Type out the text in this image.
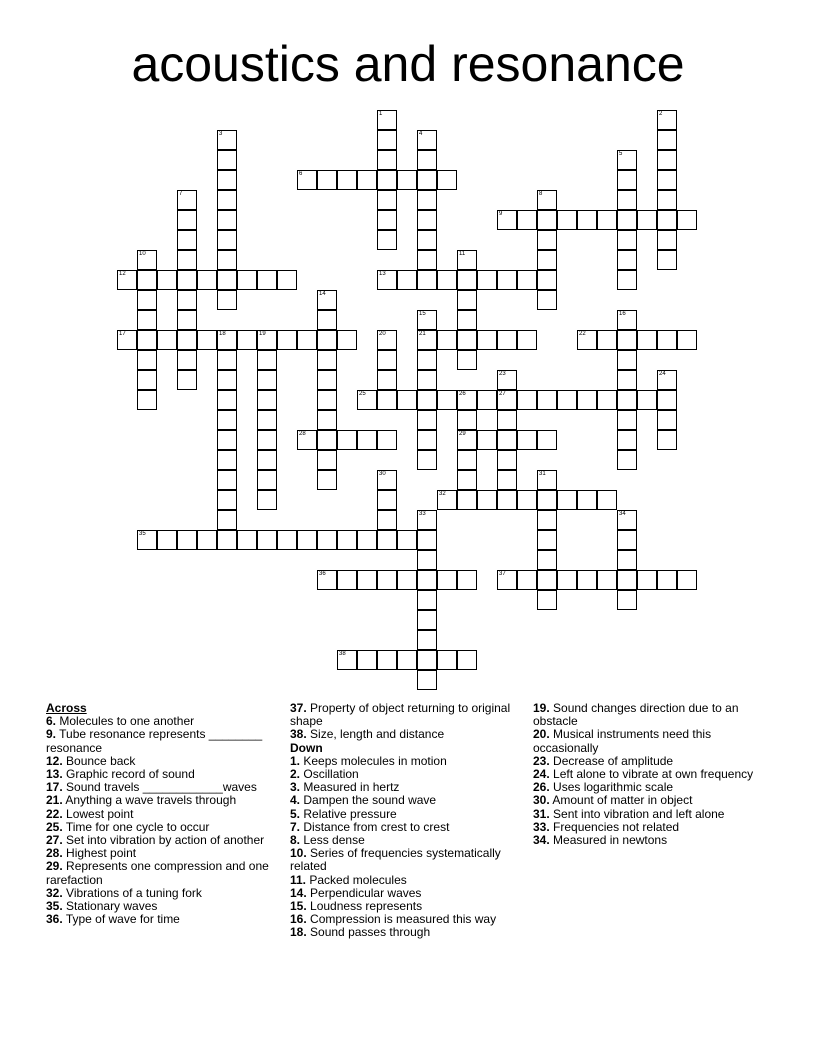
acoustics and resonance
1	2
3	4
5
6
7	8
9
10	11
12	13
14
15
21
16
17	18	19	20	22
23
27
24
25	26
29
28
30	31
32
33	34
35
36	37
38
Across
6. Molecules to one another
9. Tube resonance represents ________ resonance
12. Bounce back
13. Graphic record of sound
17. Sound travels ____________waves
21. Anything a wave travels through
22. Lowest point
25. Time for one cycle to occur
27. Set into vibration by action of another
28. Highest point
29. Represents one compression and one rarefaction
32. Vibrations of a tuning fork
35. Stationary waves
36. Type of wave for time
37. Property of object returning to original shape
38. Size, length and distance
Down
1. Keeps molecules in motion
2. Oscillation
3. Measured in hertz
4. Dampen the sound wave
5. Relative pressure
7. Distance from crest to crest
8. Less dense
10. Series of frequencies systematically related
11. Packed molecules
14. Perpendicular waves
15. Loudness represents
16. Compression is measured this way
18. Sound passes through
19. Sound changes direction due to an obstacle
20. Musical instruments need this occasionally
23. Decrease of amplitude
24. Left alone to vibrate at own frequency
26. Uses logarithmic scale
30. Amount of matter in object
31. Sent into vibration and left alone
33. Frequencies not related
34. Measured in newtons
